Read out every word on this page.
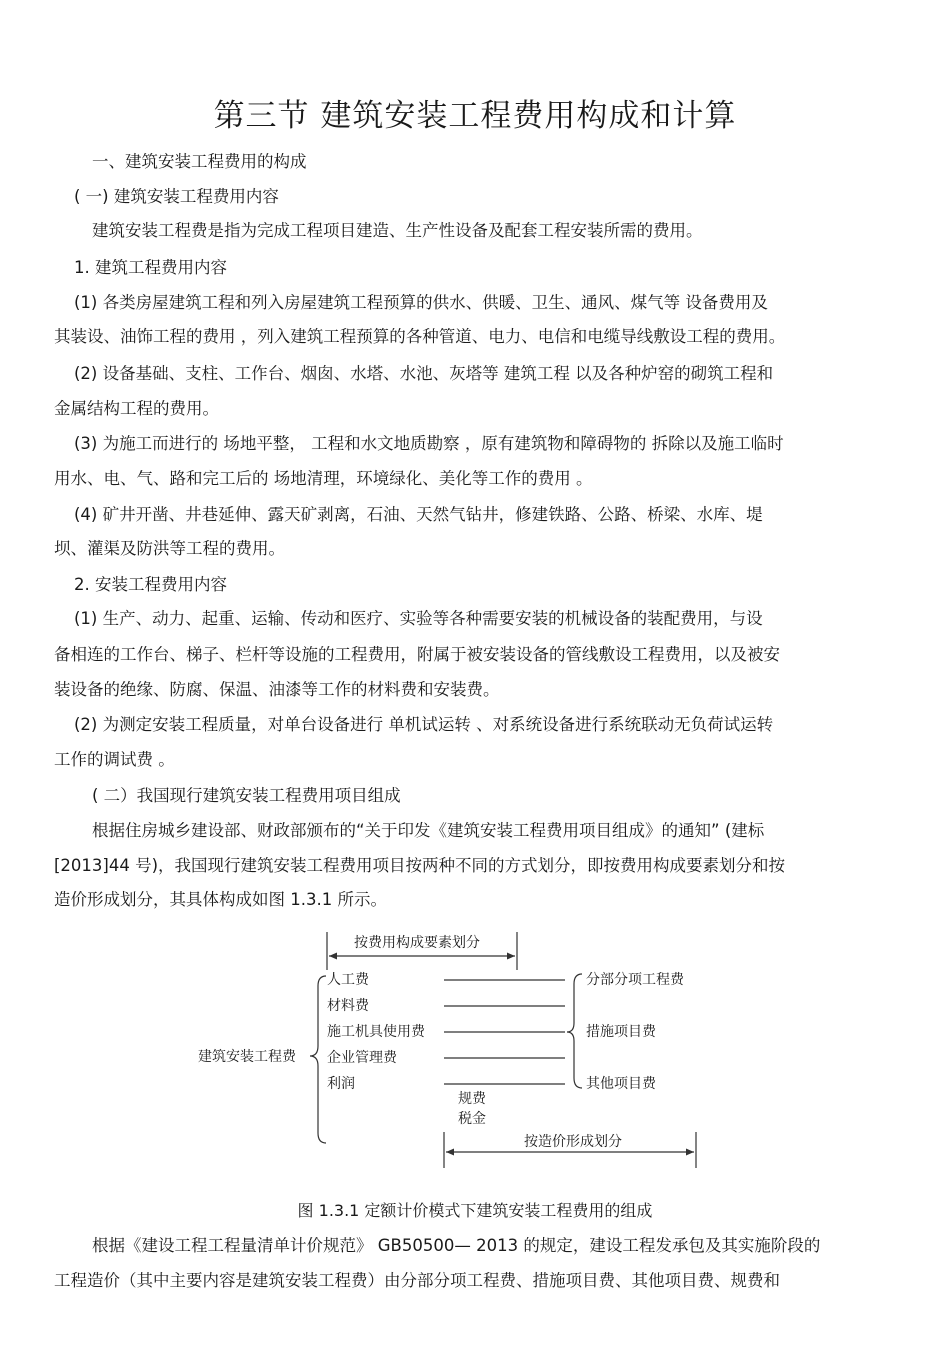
第三节 建筑安装工程费用构成和计算
一、建筑安装工程费用的构成
( 一) 建筑安装工程费用内容
建筑安装工程费是指为完成工程项目建造、生产性设备及配套工程安装所需的费用。
1. 建筑工程费用内容
(1) 各类房屋建筑工程和列入房屋建筑工程预算的供水、供暖、卫生、通风、煤气等 设备费用及
其装设、油饰工程的费用 ，列入建筑工程预算的各种管道、电力、电信和电缆导线敷设工程的费用。
(2) 设备基础、支柱、工作台、烟囱、水塔、水池、灰塔等 建筑工程 以及各种炉窑的砌筑工程和
金属结构工程的费用。
(3) 为施工而进行的 场地平整， 工程和水文地质勘察 ，原有建筑物和障碍物的 拆除以及施工临时
用水、电、气、路和完工后的 场地清理，环境绿化、美化等工作的费用 。
(4) 矿井开凿、井巷延伸、露天矿剥离，石油、天然气钻井，修建铁路、公路、桥梁、水库、堤
坝、灌渠及防洪等工程的费用。
2. 安装工程费用内容
(1) 生产、动力、起重、运输、传动和医疗、实验等各种需要安装的机械设备的装配费用，与设
备相连的工作台、梯子、栏杆等设施的工程费用，附属于被安装设备的管线敷设工程费用，以及被安
装设备的绝缘、防腐、保温、油漆等工作的材料费和安装费。
(2) 为测定安装工程质量，对单台设备进行 单机试运转 、对系统设备进行系统联动无负荷试运转
工作的调试费 。
( 二）我国现行建筑安装工程费用项目组成
根据住房城乡建设部、财政部颁布的“关于印发《建筑安装工程费用项目组成》的通知” (建标
[2013]44 号)，我国现行建筑安装工程费用项目按两种不同的方式划分，即按费用构成要素划分和按
造价形成划分，其具体构成如图 1.3.1 所示。
按费用构成要素划分
建筑安装工程费
人工费
材料费
施工机具使用费
企业管理费
利润
规费
税金
分部分项工程费
措施项目费
其他项目费
按造价形成划分
图 1.3.1 定额计价模式下建筑安装工程费用的组成
根据《建设工程工程量清单计价规范》 GB50500— 2013 的规定，建设工程发承包及其实施阶段的
工程造价（其中主要内容是建筑安装工程费）由分部分项工程费、措施项目费、其他项目费、规费和
